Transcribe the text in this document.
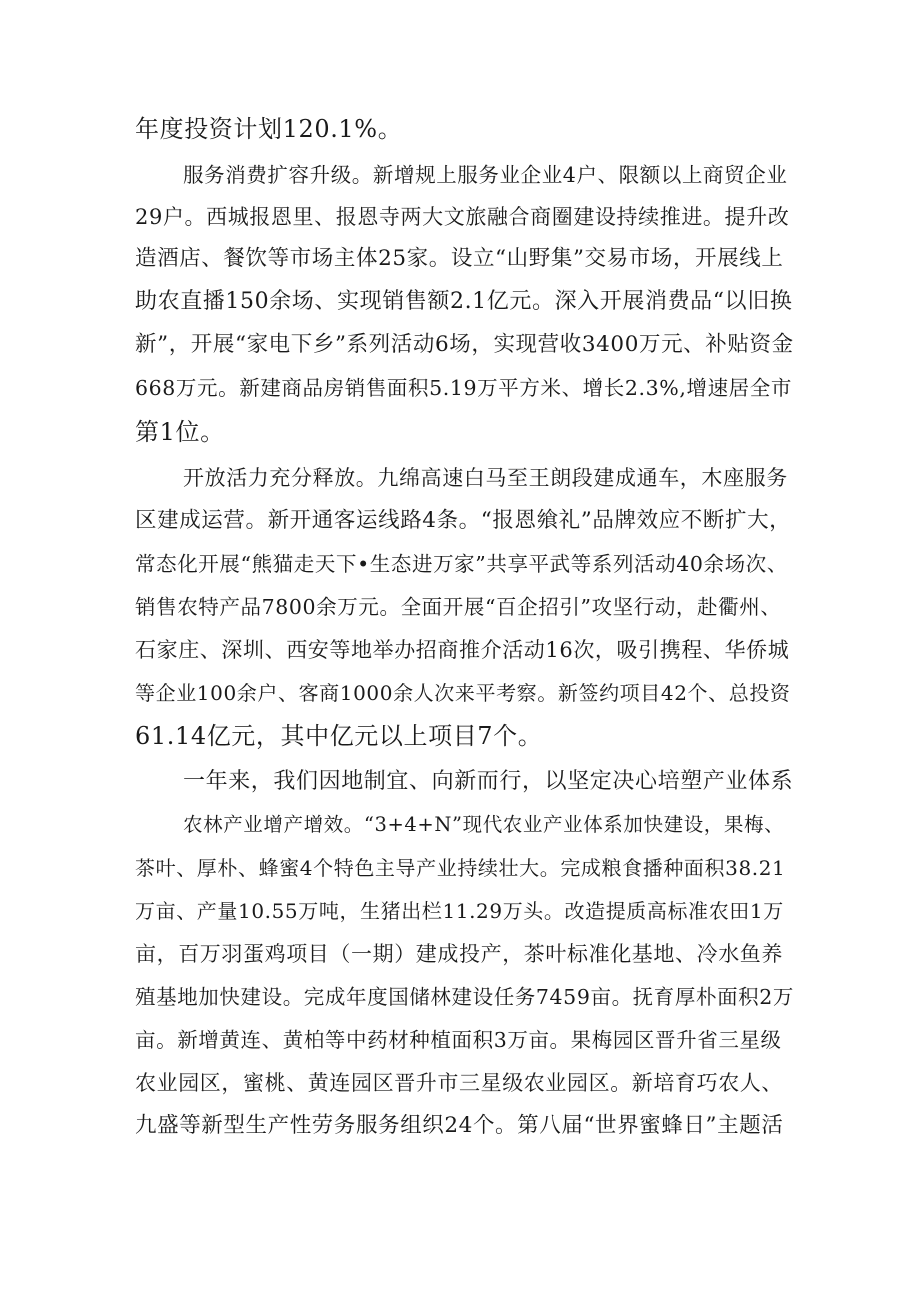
年度投资计划120.1%。
服务消费扩容升级。新增规上服务业企业4户、限额以上商贸企业
29户。西城报恩里、报恩寺两大文旅融合商圈建设持续推进。提升改
造酒店、餐饮等市场主体25家。设立“山野集”交易市场，开展线上
助农直播150余场、实现销售额2.1亿元。深入开展消费品“以旧换
新”，开展“家电下乡”系列活动6场，实现营收3400万元、补贴资金
668万元。新建商品房销售面积5.19万平方米、增长2.3%,增速居全市
第1位。
开放活力充分释放。九绵高速白马至王朗段建成通车，木座服务
区建成运营。新开通客运线路4条。“报恩飨礼”品牌效应不断扩大，
常态化开展“熊猫走天下•生态进万家”共享平武等系列活动40余场次、
销售农特产品7800余万元。全面开展“百企招引”攻坚行动，赴衢州、
石家庄、深圳、西安等地举办招商推介活动16次，吸引携程、华侨城
等企业100余户、客商1000余人次来平考察。新签约项目42个、总投资
61.14亿元，其中亿元以上项目7个。
一年来，我们因地制宜、向新而行，以坚定决心培塑产业体系
农林产业增产增效。“3+4+N”现代农业产业体系加快建设，果梅、
茶叶、厚朴、蜂蜜4个特色主导产业持续壮大。完成粮食播种面积38.21
万亩、产量10.55万吨，生猪出栏11.29万头。改造提质高标准农田1万
亩，百万羽蛋鸡项目（一期）建成投产，茶叶标准化基地、冷水鱼养
殖基地加快建设。完成年度国储林建设任务7459亩。抚育厚朴面积2万
亩。新增黄连、黄柏等中药材种植面积3万亩。果梅园区晋升省三星级
农业园区，蜜桃、黄连园区晋升市三星级农业园区。新培育巧农人、
九盛等新型生产性劳务服务组织24个。第八届“世界蜜蜂日”主题活
